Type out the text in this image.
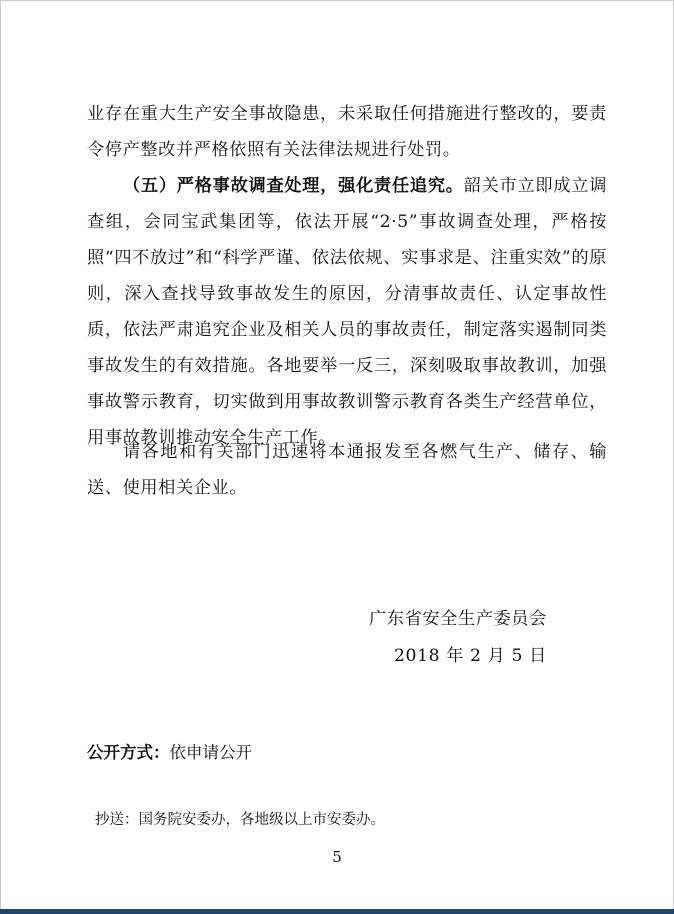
业存在重大生产安全事故隐患，未采取任何措施进行整改的，要责令停产整改并严格依照有关法律法规进行处罚。

（五）严格事故调查处理，强化责任追究。韶关市立即成立调查组，会同宝武集团等，依法开展“2·5”事故调查处理，严格按照“四不放过”和“科学严谨、依法依规、实事求是、注重实效”的原则，深入查找导致事故发生的原因，分清事故责任、认定事故性质，依法严肃追究企业及相关人员的事故责任，制定落实遏制同类事故发生的有效措施。各地要举一反三，深刻吸取事故教训，加强事故警示教育，切实做到用事故教训警示教育各类生产经营单位，用事故教训推动安全生产工作。

请各地和有关部门迅速将本通报发至各燃气生产、储存、输送、使用相关企业。

广东省安全生产委员会
2018 年 2 月 5 日
公开方式：依申请公开
抄送：国务院安委办，各地级以上市安委办。
5
